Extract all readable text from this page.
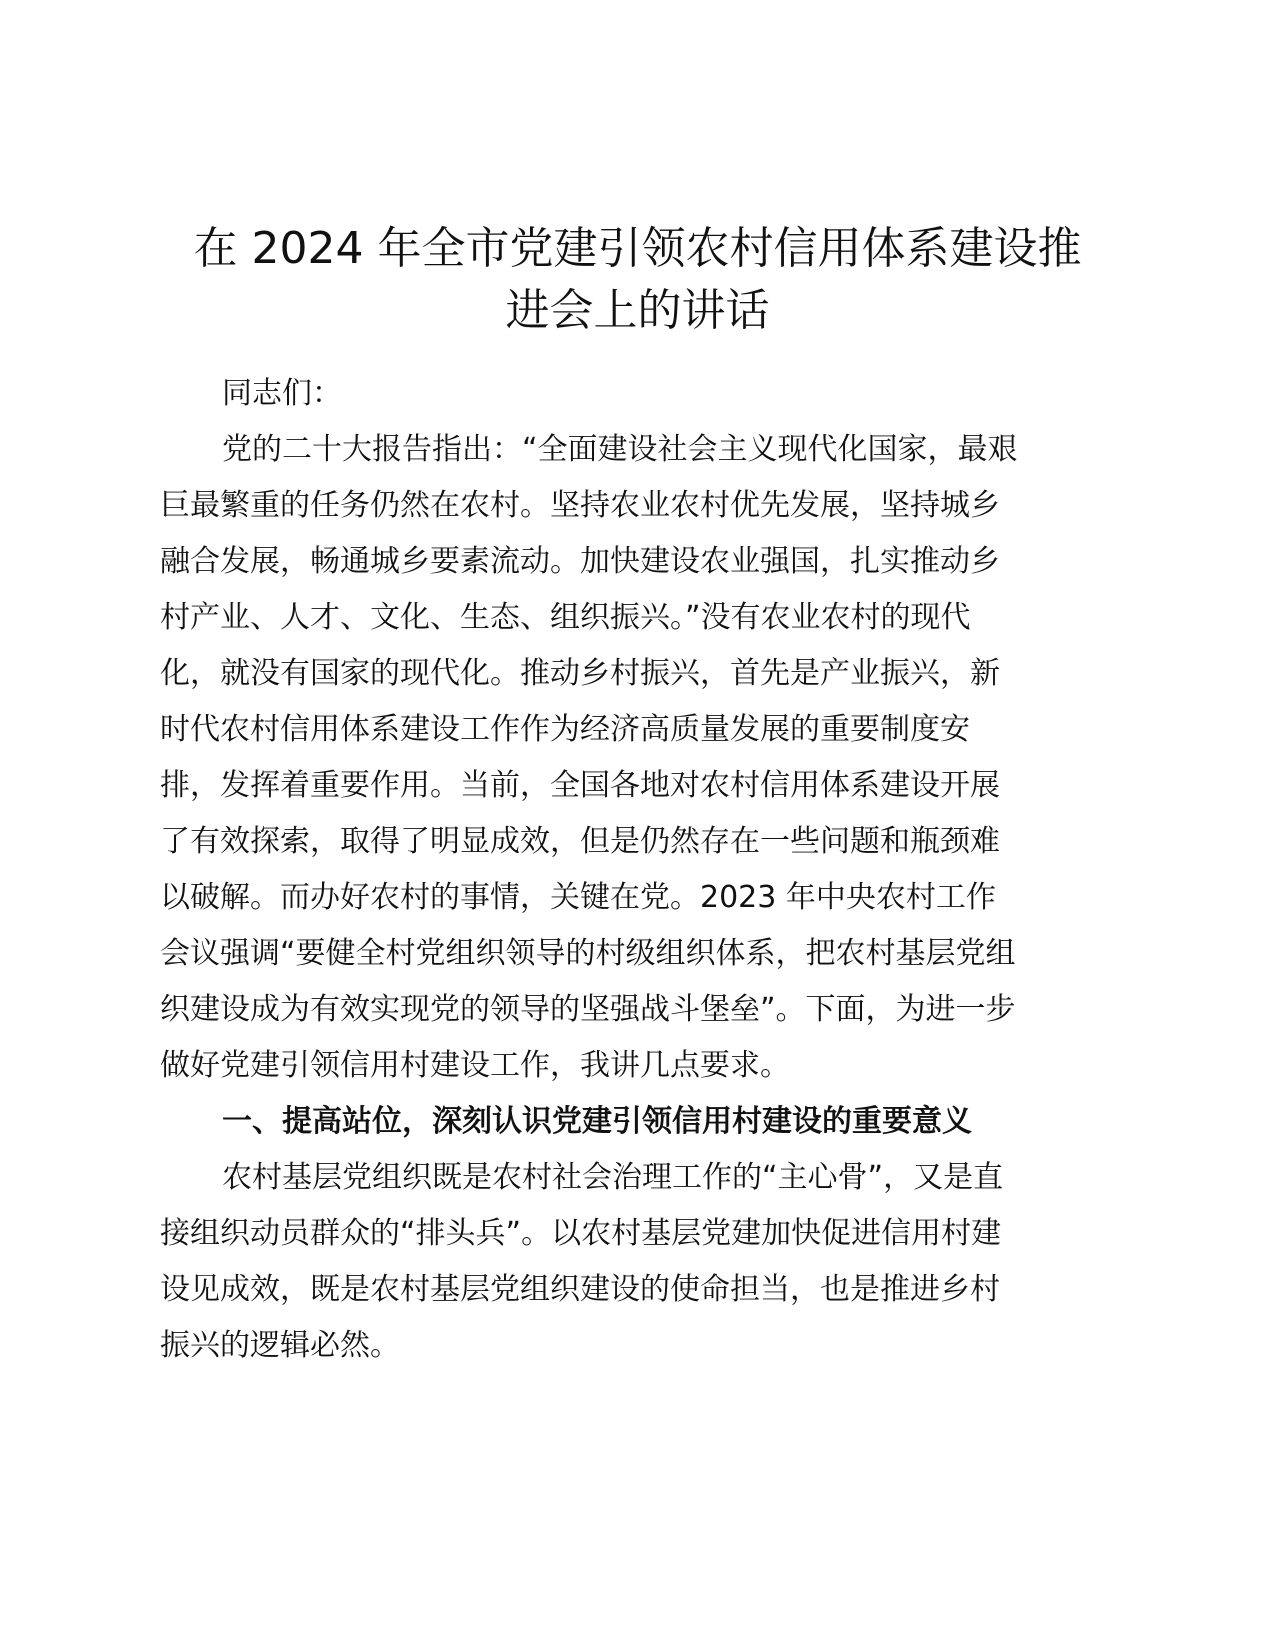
在 2024 年全市党建引领农村信用体系建设推
进会上的讲话
同志们：
党的二十大报告指出：“全面建设社会主义现代化国家，最艰
巨最繁重的任务仍然在农村。坚持农业农村优先发展，坚持城乡
融合发展，畅通城乡要素流动。加快建设农业强国，扎实推动乡
村产业、人才、文化、生态、组织振兴。”没有农业农村的现代
化，就没有国家的现代化。推动乡村振兴，首先是产业振兴，新
时代农村信用体系建设工作作为经济高质量发展的重要制度安
排，发挥着重要作用。当前，全国各地对农村信用体系建设开展
了有效探索，取得了明显成效，但是仍然存在一些问题和瓶颈难
以破解。而办好农村的事情，关键在党。2023 年中央农村工作
会议强调“要健全村党组织领导的村级组织体系，把农村基层党组
织建设成为有效实现党的领导的坚强战斗堡垒”。下面，为进一步
做好党建引领信用村建设工作，我讲几点要求。
一、提高站位，深刻认识党建引领信用村建设的重要意义
农村基层党组织既是农村社会治理工作的“主心骨”，又是直
接组织动员群众的“排头兵”。以农村基层党建加快促进信用村建
设见成效，既是农村基层党组织建设的使命担当，也是推进乡村
振兴的逻辑必然。
